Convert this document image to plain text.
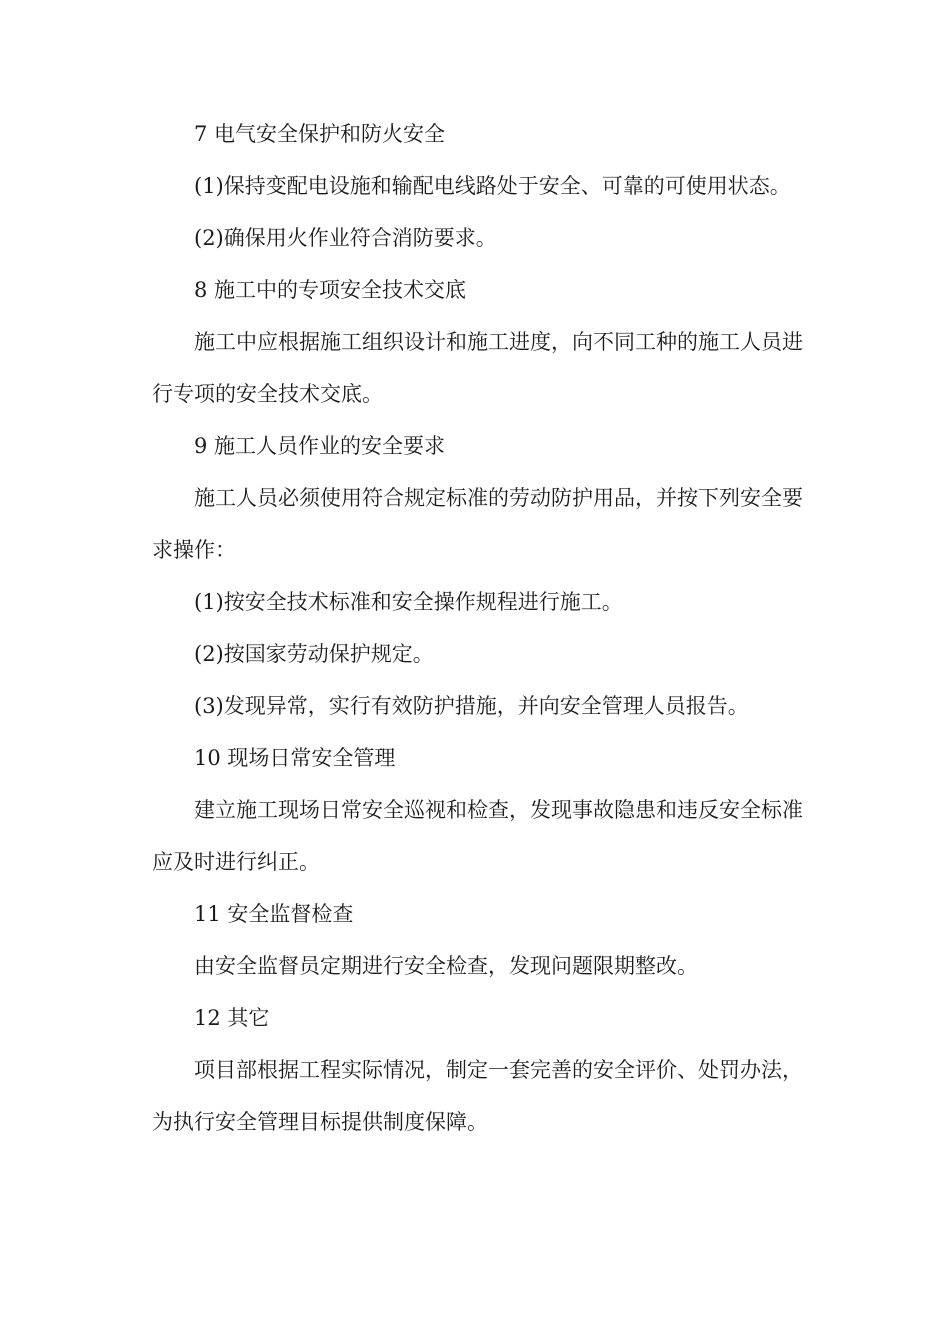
7 电气安全保护和防火安全

(1)保持变配电设施和输配电线路处于安全、可靠的可使用状态。

(2)确保用火作业符合消防要求。

8 施工中的专项安全技术交底

施工中应根据施工组织设计和施工进度，向不同工种的施工人员进行专项的安全技术交底。

9 施工人员作业的安全要求

施工人员必须使用符合规定标准的劳动防护用品，并按下列安全要求操作：

(1)按安全技术标准和安全操作规程进行施工。

(2)按国家劳动保护规定。

(3)发现异常，实行有效防护措施，并向安全管理人员报告。

10 现场日常安全管理

建立施工现场日常安全巡视和检查，发现事故隐患和违反安全标准应及时进行纠正。

11 安全监督检查

由安全监督员定期进行安全检查，发现问题限期整改。

12 其它

项目部根据工程实际情况，制定一套完善的安全评价、处罚办法，为执行安全管理目标提供制度保障。
